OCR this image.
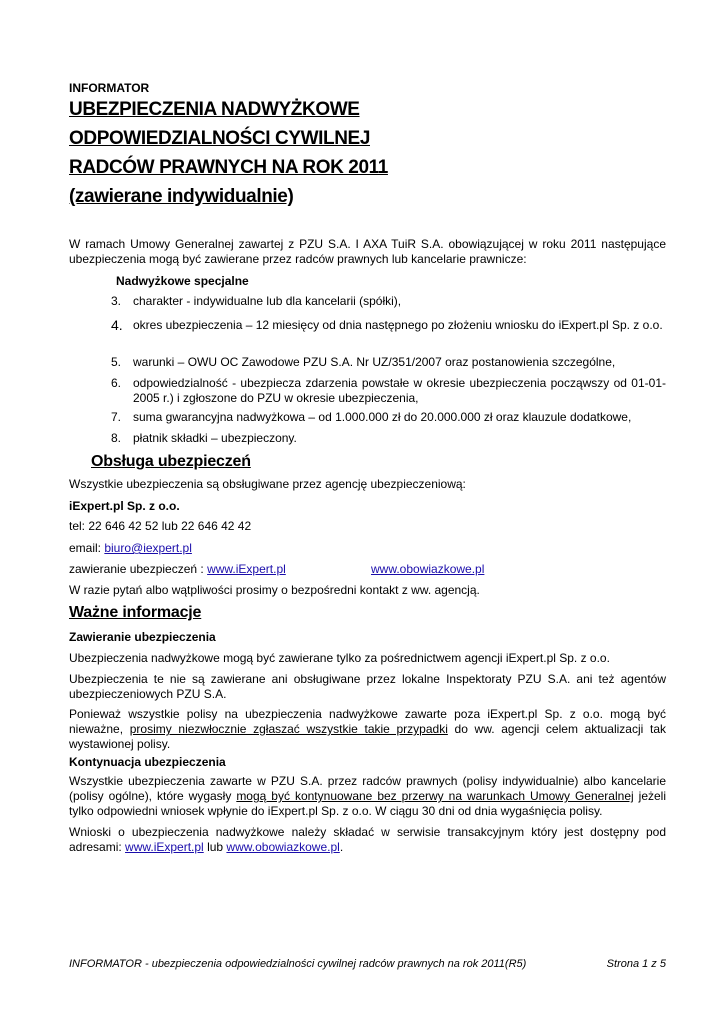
INFORMATOR
UBEZPIECZENIA NADWYŻKOWE
ODPOWIEDZIALNOŚCI CYWILNEJ
RADCÓW PRAWNYCH NA ROK 2011
(zawierane indywidualnie)
W ramach Umowy Generalnej zawartej z PZU S.A. I AXA TuiR S.A. obowiązującej w roku 2011 następujące ubezpieczenia mogą być zawierane przez radców prawnych lub kancelarie prawnicze:
Nadwyżkowe specjalne
3. charakter - indywidualne lub dla kancelarii (spółki),
4. okres ubezpieczenia – 12 miesięcy od dnia następnego po złożeniu wniosku do iExpert.pl Sp. z o.o.
5. warunki – OWU OC Zawodowe PZU S.A. Nr UZ/351/2007 oraz postanowienia szczególne,
6. odpowiedzialność - ubezpiecza zdarzenia powstałe w okresie ubezpieczenia począwszy od 01-01-2005 r.) i zgłoszone do PZU w okresie ubezpieczenia,
7. suma gwarancyjna nadwyżkowa – od 1.000.000 zł do 20.000.000 zł oraz klauzule dodatkowe,
8. płatnik składki – ubezpieczony.
Obsługa ubezpieczeń
Wszystkie ubezpieczenia są obsługiwane przez agencję ubezpieczeniową:
iExpert.pl Sp. z o.o.
tel: 22 646 42 52 lub 22 646 42 42
email: biuro@iexpert.pl
zawieranie ubezpieczeń : www.iExpert.pl	www.obowiazkowe.pl
W razie pytań albo wątpliwości prosimy o bezpośredni kontakt z ww. agencją.
Ważne informacje
Zawieranie ubezpieczenia
Ubezpieczenia nadwyżkowe mogą być zawierane tylko za pośrednictwem agencji iExpert.pl Sp. z o.o.
Ubezpieczenia te nie są zawierane ani obsługiwane przez lokalne Inspektoraty PZU S.A. ani też agentów ubezpieczeniowych PZU S.A.
Ponieważ wszystkie polisy na ubezpieczenia nadwyżkowe zawarte poza iExpert.pl Sp. z o.o. mogą być nieważne, prosimy niezwłocznie zgłaszać wszystkie takie przypadki do ww. agencji celem aktualizacji tak wystawionej polisy.
Kontynuacja ubezpieczenia
Wszystkie ubezpieczenia zawarte w PZU S.A. przez radców prawnych (polisy indywidualnie) albo kancelarie (polisy ogólne), które wygasły mogą być kontynuowane bez przerwy na warunkach Umowy Generalnej jeżeli tylko odpowiedni wniosek wpłynie do iExpert.pl Sp. z o.o. W ciągu 30 dni od dnia wygaśnięcia polisy.
Wnioski o ubezpieczenia nadwyżkowe należy składać w serwisie transakcyjnym który jest dostępny pod adresami: www.iExpert.pl lub www.obowiazkowe.pl.
INFORMATOR - ubezpieczenia odpowiedzialności cywilnej radców prawnych na rok 2011(R5)	Strona 1 z 5
